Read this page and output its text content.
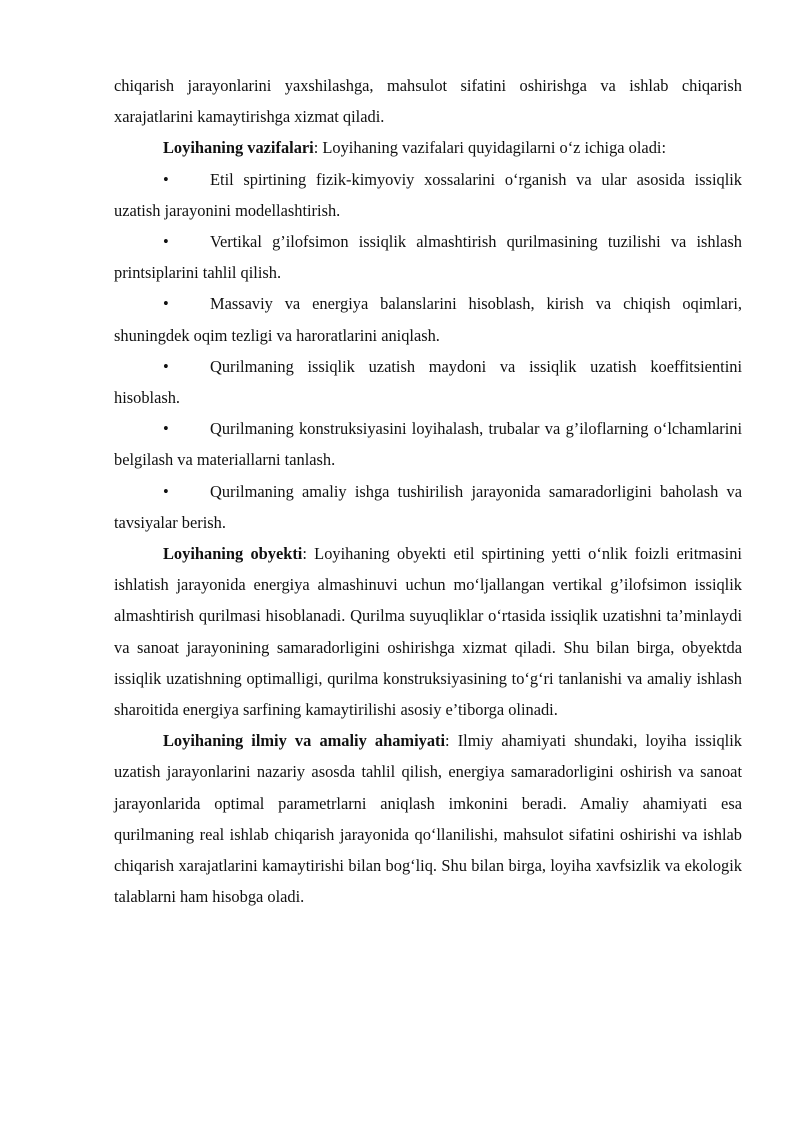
chiqarish jarayonlarini yaxshilashga, mahsulot sifatini oshirishga va ishlab chiqarish xarajatlarini kamaytirishga xizmat qiladi.

Loyihaning vazifalari: Loyihaning vazifalari quyidagilarni o‘z ichiga oladi:

•	Etil spirtining fizik-kimyoviy xossalarini o‘rganish va ular asosida issiqlik uzatish jarayonini modellashtirish.

•	Vertikal g’ilofsimon issiqlik almashtirish qurilmasining tuzilishi va ishlash printsiplarini tahlil qilish.

•	Massaviy va energiya balanslarini hisoblash, kirish va chiqish oqimlari, shuningdek oqim tezligi va haroratlarini aniqlash.

•	Qurilmaning issiqlik uzatish maydoni va issiqlik uzatish koeffitsientini hisoblash.

•	Qurilmaning konstruksiyasini loyihalash, trubalar va g’iloflarning o‘lchamlarini belgilash va materiallarni tanlash.

•	Qurilmaning amaliy ishga tushirilish jarayonida samaradorligini baholash va tavsiyalar berish.

Loyihaning obyekti: Loyihaning obyekti etil spirtining yetti o‘nlik foizli eritmasini ishlatish jarayonida energiya almashinuvi uchun mo‘ljallangan vertikal g’ilofsimon issiqlik almashtirish qurilmasi hisoblanadi. Qurilma suyuqliklar o‘rtasida issiqlik uzatishni ta’minlaydi va sanoat jarayonining samaradorligini oshirishga xizmat qiladi. Shu bilan birga, obyektda issiqlik uzatishning optimalligi, qurilma konstruksiyasining to‘g‘ri tanlanishi va amaliy ishlash sharoitida energiya sarfining kamaytirilishi asosiy e’tiborga olinadi.

Loyihaning ilmiy va amaliy ahamiyati: Ilmiy ahamiyati shundaki, loyiha issiqlik uzatish jarayonlarini nazariy asosda tahlil qilish, energiya samaradorligini oshirish va sanoat jarayonlarida optimal parametrlarni aniqlash imkonini beradi. Amaliy ahamiyati esa qurilmaning real ishlab chiqarish jarayonida qo‘llanilishi, mahsulot sifatini oshirishi va ishlab chiqarish xarajatlarini kamaytirishi bilan bog‘liq. Shu bilan birga, loyiha xavfsizlik va ekologik talablarni ham hisobga oladi.
